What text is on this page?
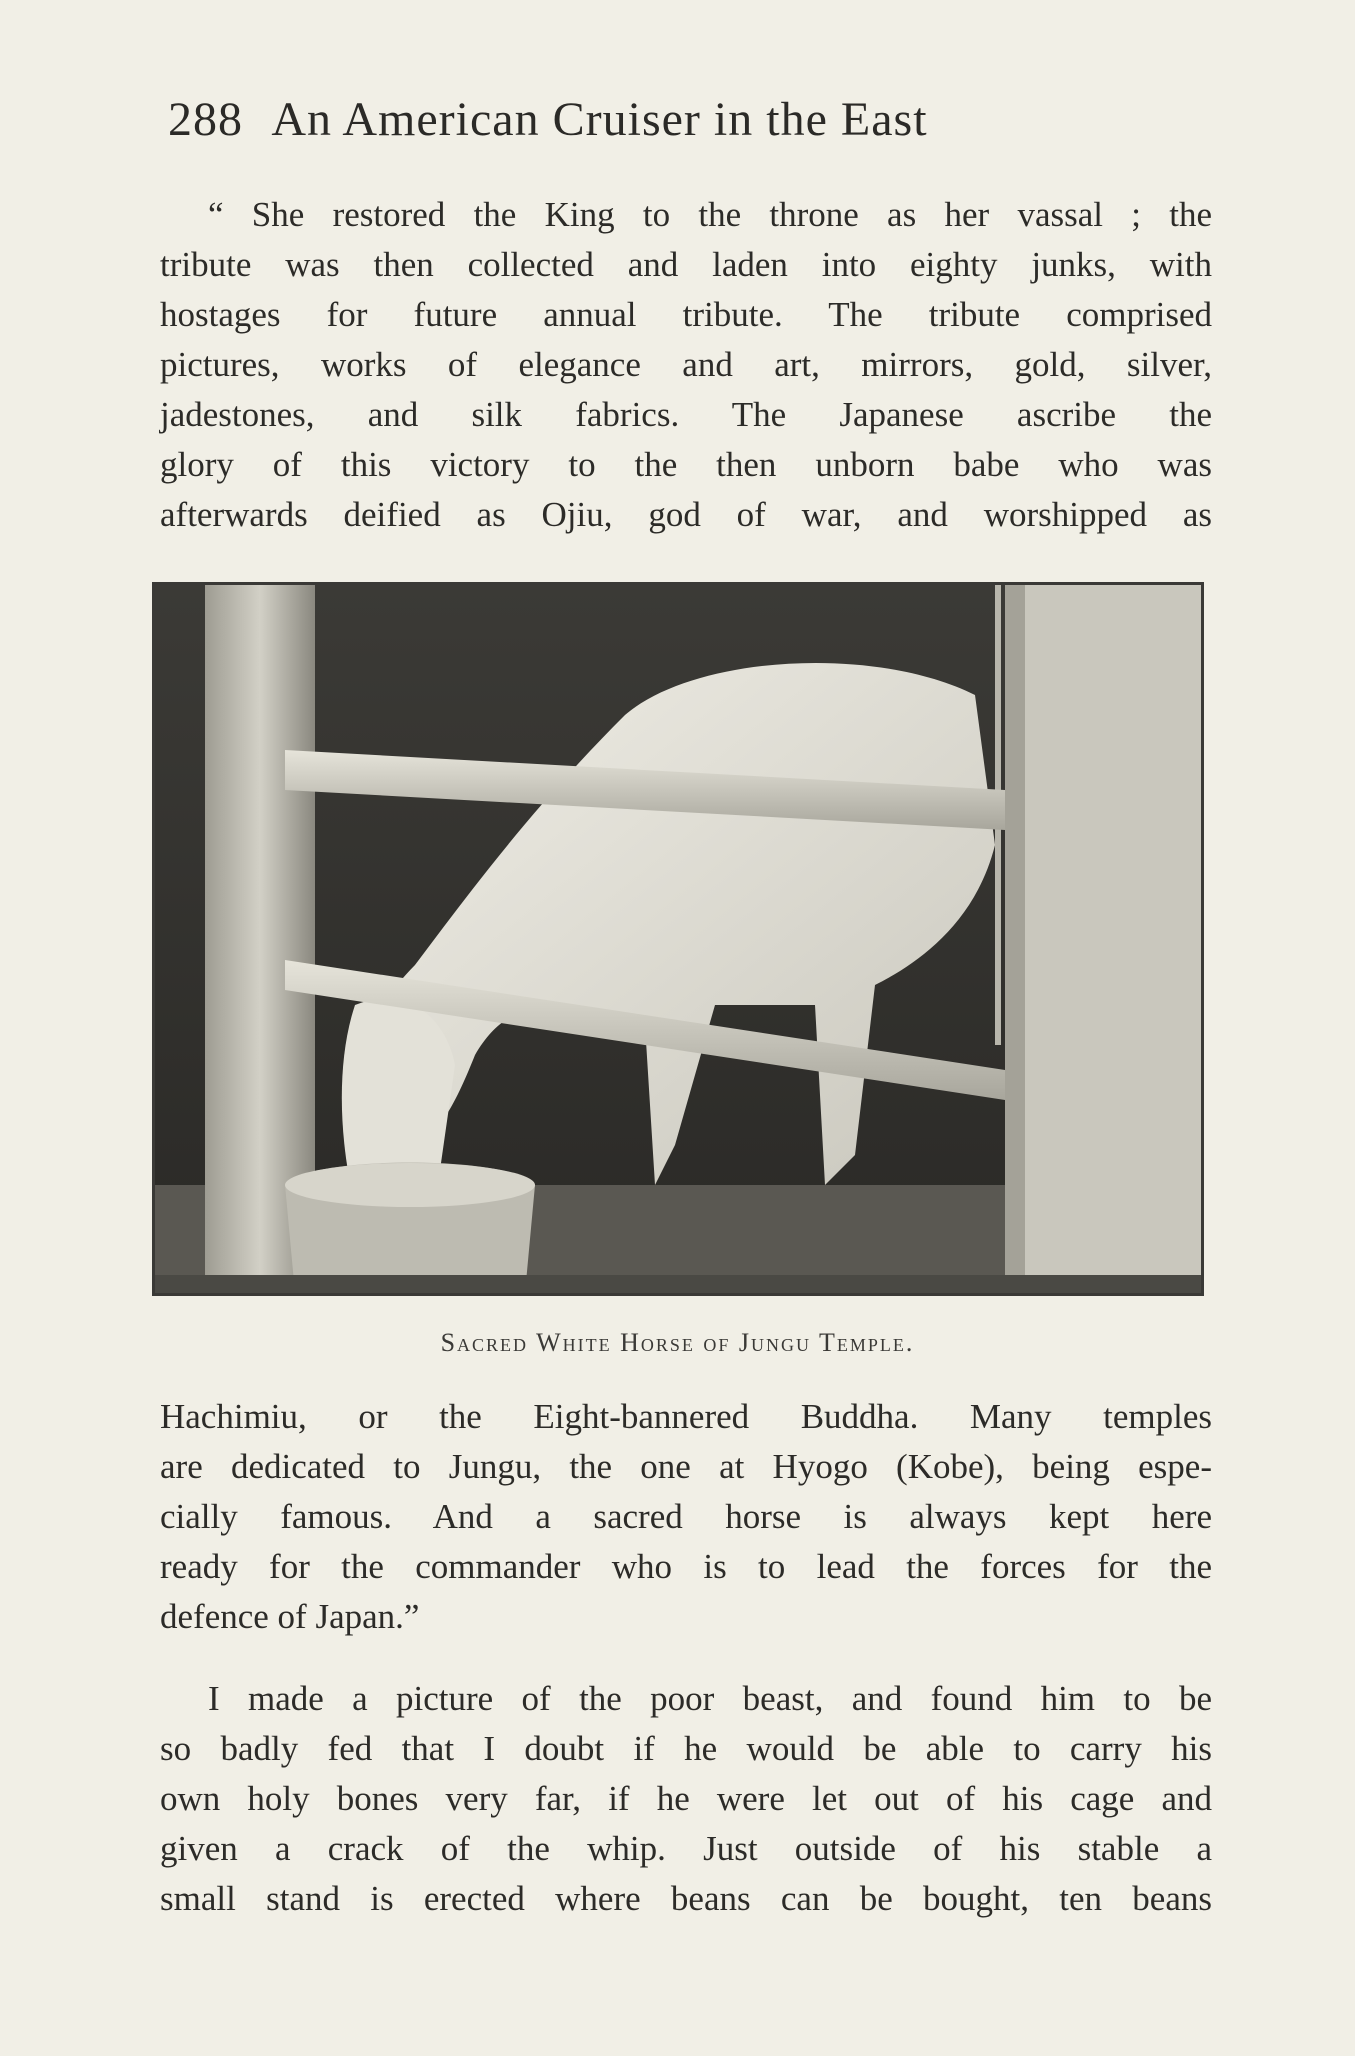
288 An American Cruiser in the East
“ She restored the King to the throne as her vassal ; the
tribute was then collected and laden into eighty junks, with
hostages for future annual tribute. The tribute comprised
pictures, works of elegance and art, mirrors, gold, silver,
jadestones, and silk fabrics. The Japanese ascribe the
glory of this victory to the then unborn babe who was
afterwards deified as Ojiu, god of war, and worshipped as
Sacred White Horse of Jungu Temple.
Hachimiu, or the Eight-bannered Buddha. Many temples
are dedicated to Jungu, the one at Hyogo (Kobe), being espe-
cially famous. And a sacred horse is always kept here
ready for the commander who is to lead the forces for the
defence of Japan.”
I made a picture of the poor beast, and found him to be
so badly fed that I doubt if he would be able to carry his
own holy bones very far, if he were let out of his cage and
given a crack of the whip. Just outside of his stable a
small stand is erected where beans can be bought, ten beans
